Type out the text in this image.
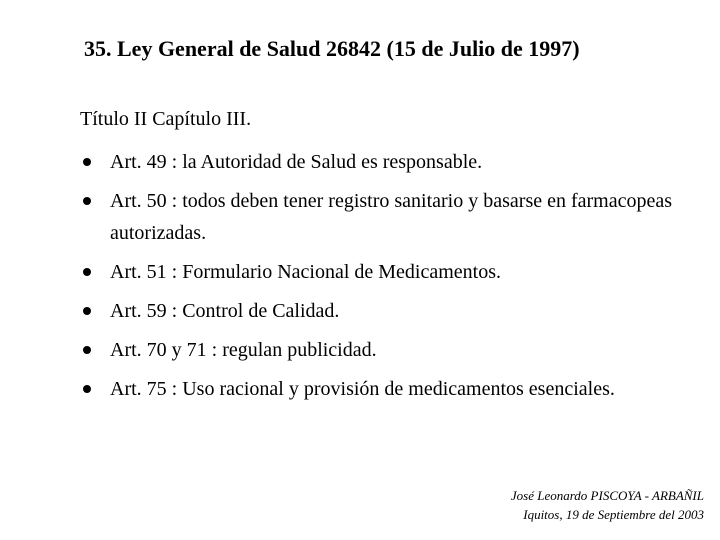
35. Ley General de Salud 26842 (15 de Julio de 1997)
Título II Capítulo III.
Art. 49 : la Autoridad de Salud es responsable.
Art. 50 : todos deben tener registro sanitario y basarse en farmacopeas autorizadas.
Art. 51 : Formulario Nacional de Medicamentos.
Art. 59 : Control de Calidad.
Art. 70 y 71 : regulan publicidad.
Art. 75 : Uso racional y provisión de medicamentos esenciales.
José Leonardo PISCOYA - ARBAÑIL
Iquitos, 19 de Septiembre del 2003
